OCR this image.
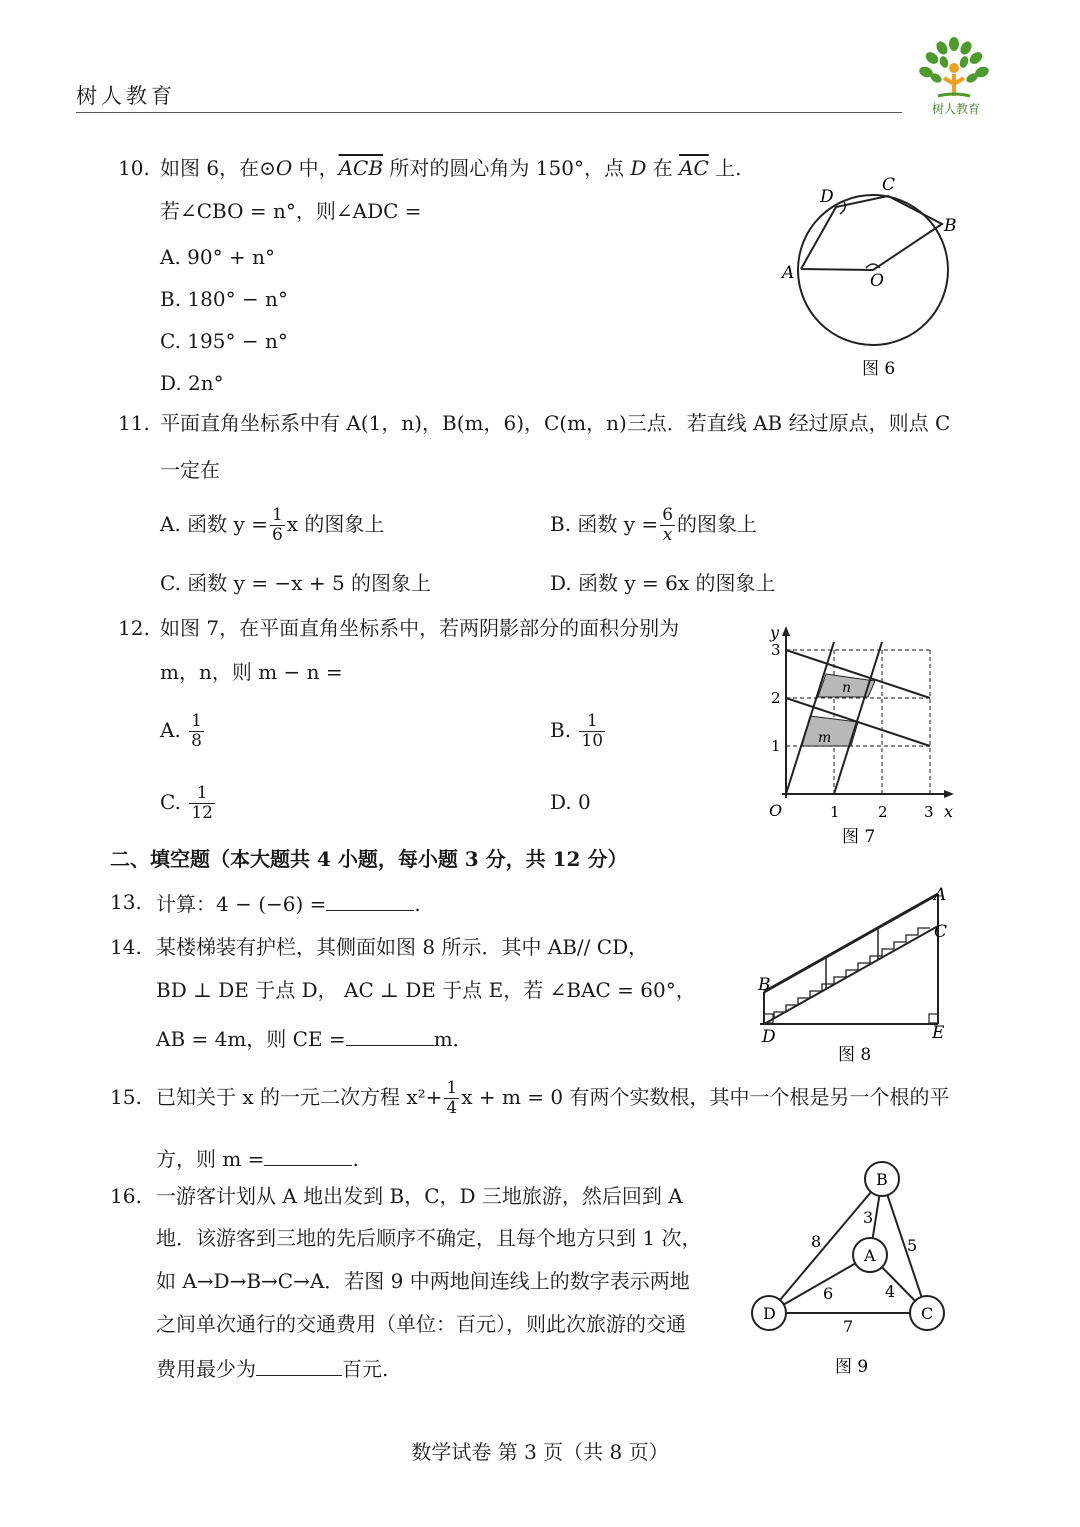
树人教育
树人教育
10. 如图 6，在⊙O 中，$\overline{ACB}$ 所对的圆心角为 150°，点 D 在 $\overline{AC}$ 上.
若∠CBO = n°，则∠ADC =
A. 90° + n°
B. 180° − n°
C. 195° − n°
D. 2n°
A
D
C
B
O
图 6
11. 平面直角坐标系中有 A(1，n)，B(m，6)，C(m，n)三点．若直线 AB 经过原点，则点 C
一定在
A. 函数 $y = \frac{1}{6}$ x 的图象上	B. 函数 $y = \frac{6}{x}$ 的图象上
C. 函数 y = −x + 5 的图象上	D. 函数 y = 6x 的图象上
12. 如图 7，在平面直角坐标系中，若两阴影部分的面积分别为
m，n，则 m − n =
A. $\frac{1}{8}$	B. $\frac{1}{10}$
C. $\frac{1}{12}$	D. 0
y
3
2
1
O	1	2 3 x
n
m
图 7
二、填空题（本大题共 4 小题，每小题 3 分，共 12 分）
13. 计算：4 − (−6) =	.
14. 某楼梯装有护栏，其侧面如图 8 所示．其中 AB// CD，
BD ⊥ DE 于点 D， AC ⊥ DE 于点 E，若 ∠BAC = 60°，
AB = 4m，则 CE =	m．
A
C
B
D	E
图 8
15. 已知关于 x 的一元二次方程 $x^2+ \frac{1}{4}$ x + m = 0 有两个实数根，其中一个根是另一个根的平
方，则 m =	.
16. 一游客计划从 A 地出发到 B，C，D 三地旅游，然后回到 A
地．该游客到三地的先后顺序不确定，且每个地方只到 1 次，
如 A→D→B→C→A．若图 9 中两地间连线上的数字表示两地
之间单次通行的交通费用（单位：百元），则此次旅游的交通
费用最少为	百元.
B
A
D	C
3
8	5
6	4
7
图 9
数学试卷 第 3 页（共 8 页）
